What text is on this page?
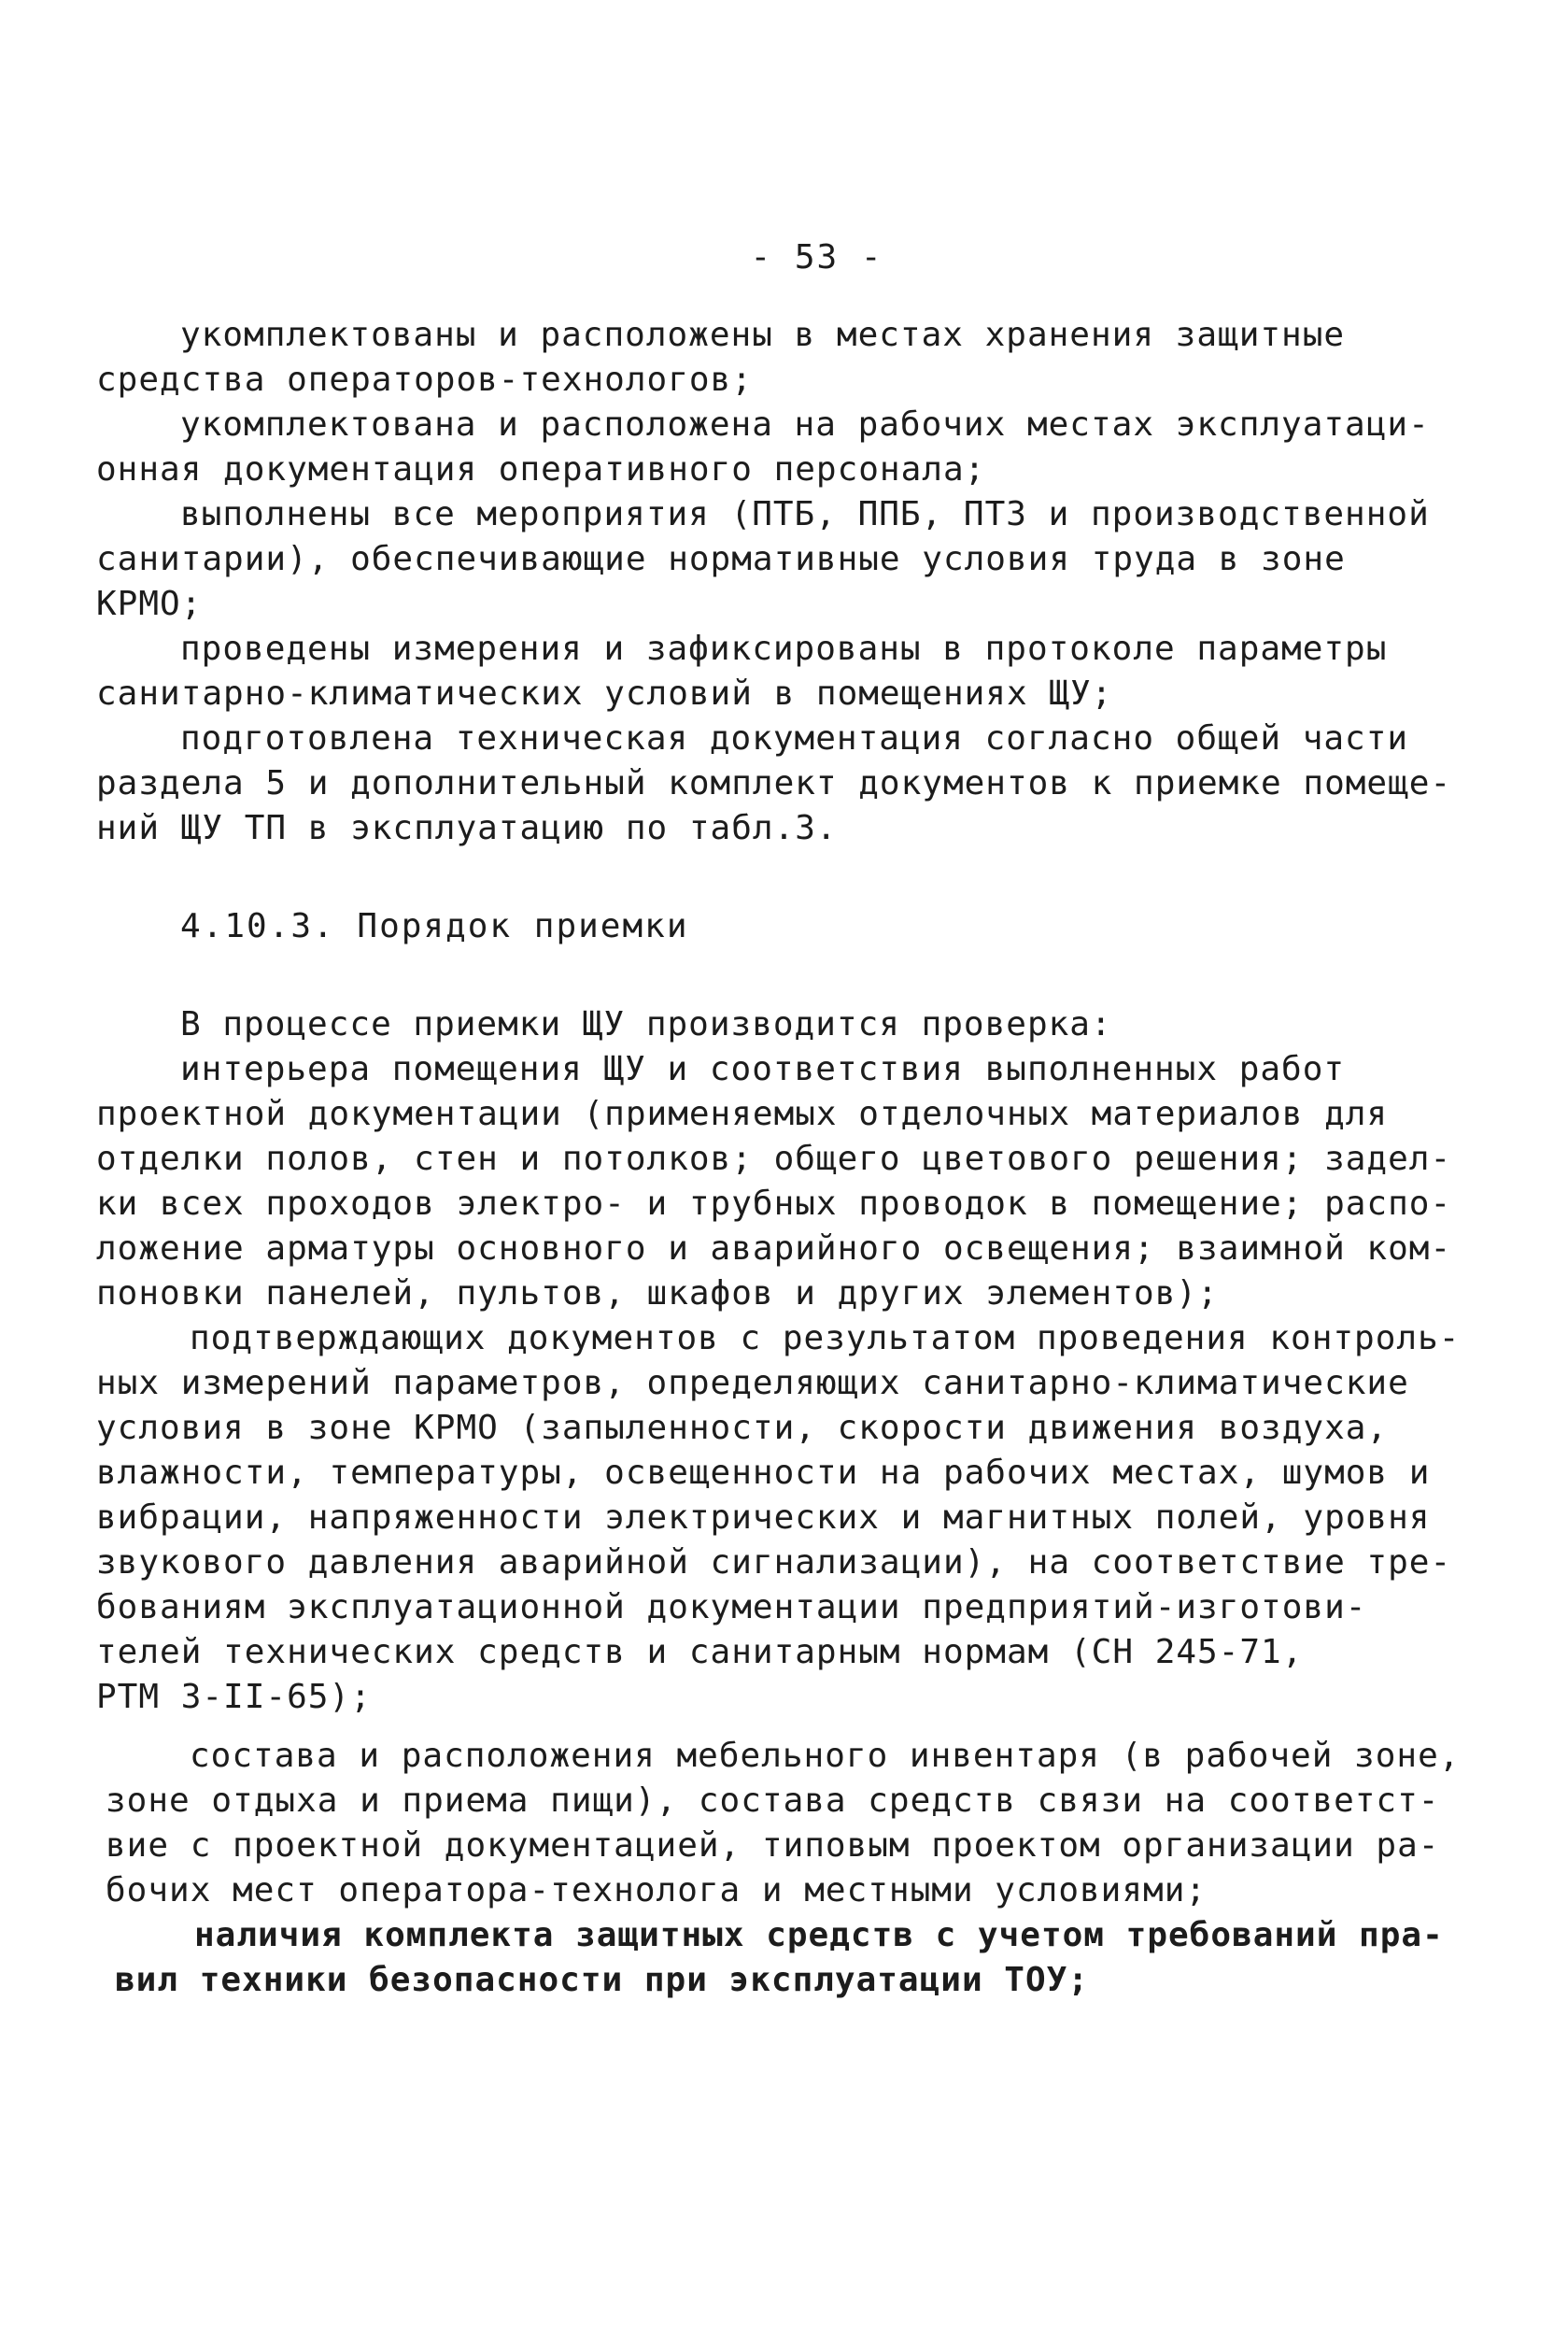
- 53 -
укомплектованы и расположены в местах хранения защитные
средства операторов-технологов;
укомплектована и расположена на рабочих местах эксплуатаци-
онная документация оперативного персонала;
выполнены все мероприятия (ПТБ, ППБ, ПТЗ и производственной
санитарии), обеспечивающие нормативные условия труда в зоне
КРМО;
проведены измерения и зафиксированы в протоколе параметры
санитарно-климатических условий в помещениях ЩУ;
подготовлена техническая документация согласно общей части
раздела 5 и дополнительный комплект документов к приемке помеще-
ний ЩУ ТП в эксплуатацию по табл.3.
4.10.3. Порядок приемки
В процессе приемки ЩУ производится проверка:
интерьера помещения ЩУ и соответствия выполненных работ
проектной документации (применяемых отделочных материалов для
отделки полов, стен и потолков; общего цветового решения; задел-
ки всех проходов электро- и трубных проводок в помещение; распо-
ложение арматуры основного и аварийного освещения; взаимной ком-
поновки панелей, пультов, шкафов и других элементов);
подтверждающих документов с результатом проведения контроль-
ных измерений параметров, определяющих санитарно-климатические
условия в зоне КРМО (запыленности, скорости движения воздуха,
влажности, температуры, освещенности на рабочих местах, шумов и
вибрации, напряженности электрических и магнитных полей, уровня
звукового давления аварийной сигнализации), на соответствие тре-
бованиям эксплуатационной документации предприятий-изготови-
телей технических средств и санитарным нормам (СН 245-71,
РТМ 3-II-65);
состава и расположения мебельного инвентаря (в рабочей зоне,
зоне отдыха и приема пищи), состава средств связи на соответст-
вие с проектной документацией, типовым проектом организации ра-
бочих мест оператора-технолога и местными условиями;
наличия комплекта защитных средств с учетом требований пра-
вил техники безопасности при эксплуатации ТОУ;
